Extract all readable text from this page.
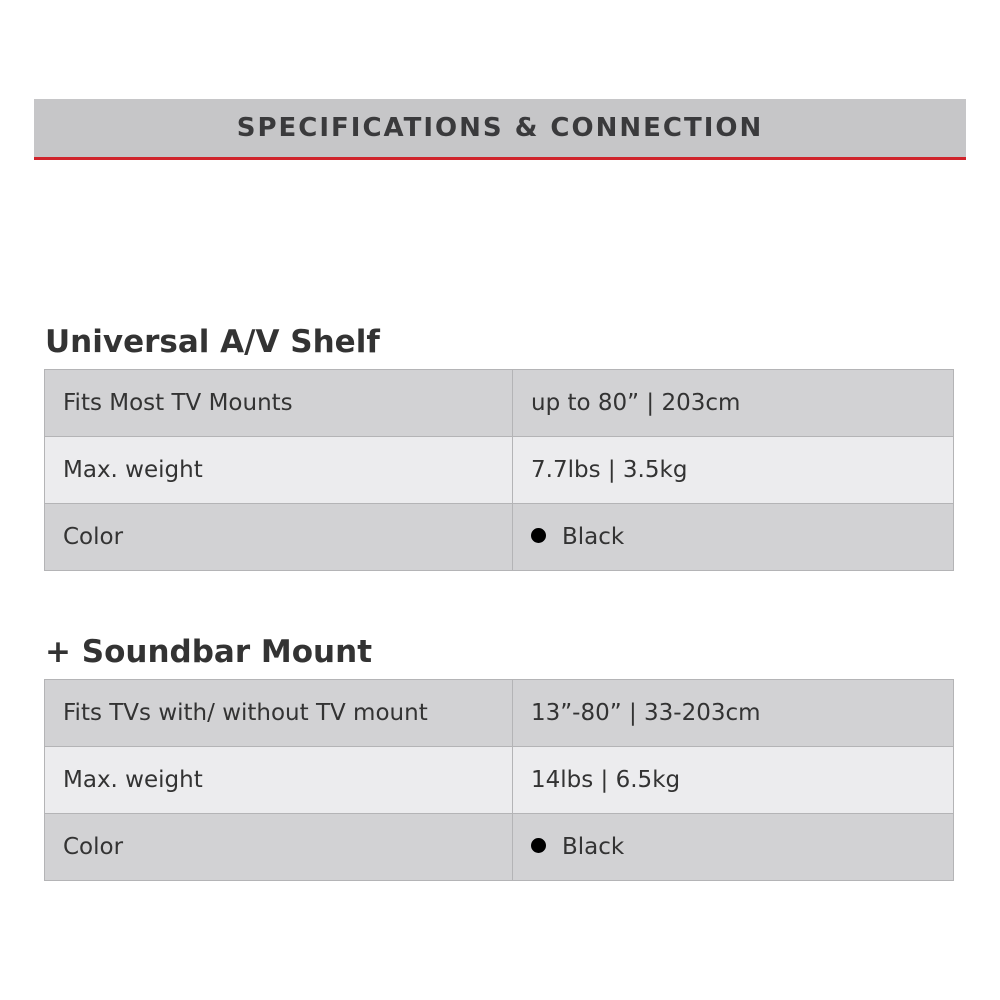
SPECIFICATIONS & CONNECTION
Universal A/V Shelf
Fits Most TV Mounts	up to 80” | 203cm
Max. weight	7.7lbs | 3.5kg
Color	Black
+ Soundbar Mount
Fits TVs with/ without TV mount	13”-80” | 33-203cm
Max. weight	14lbs | 6.5kg
Color	Black
